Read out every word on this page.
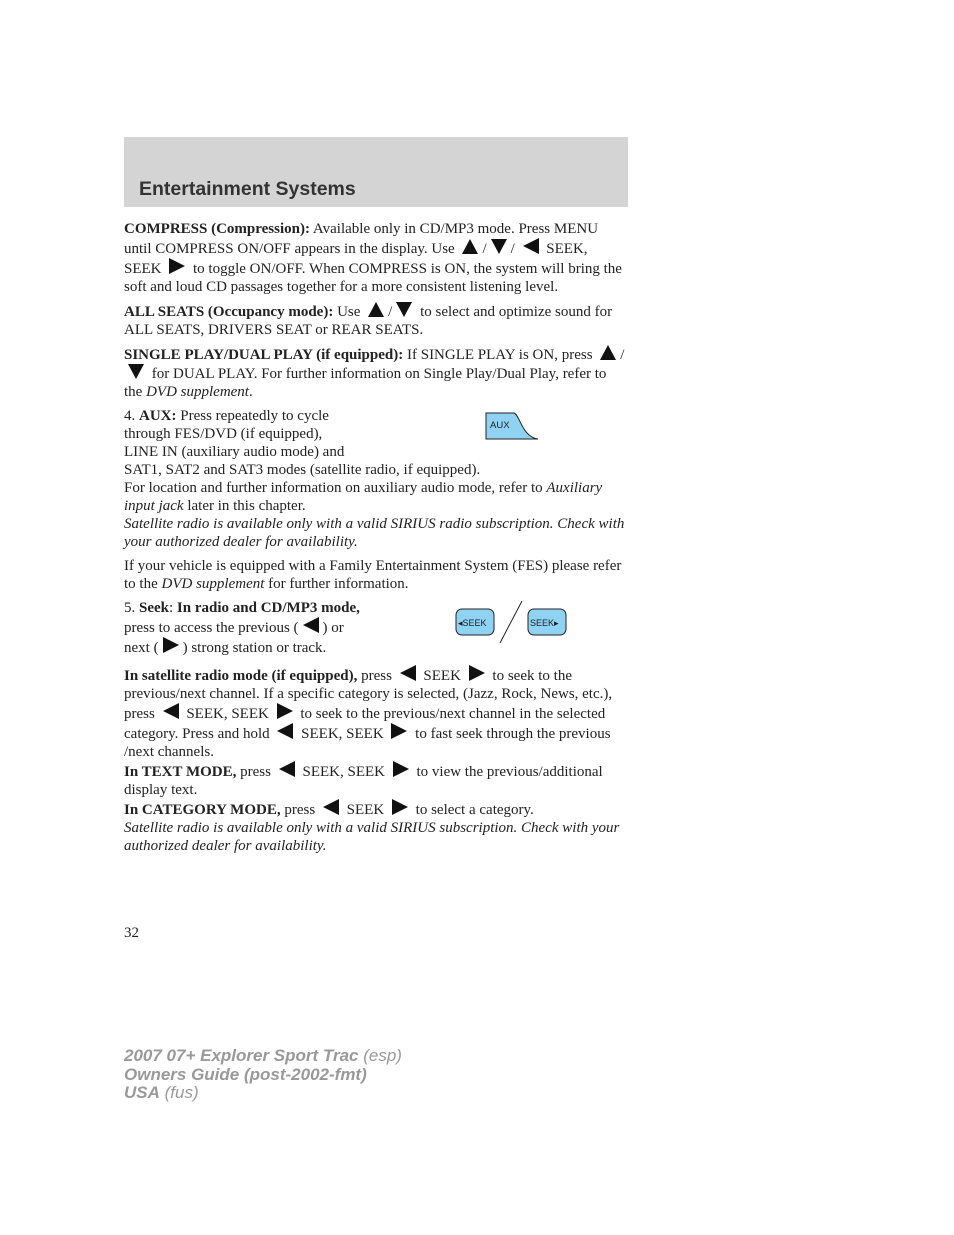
Entertainment Systems

COMPRESS (Compression): Available only in CD/MP3 mode. Press MENU until COMPRESS ON/OFF appears in the display. Use / / SEEK, SEEK to toggle ON/OFF. When COMPRESS is ON, the system will bring the soft and loud CD passages together for a more consistent listening level.

ALL SEATS (Occupancy mode): Use / to select and optimize sound for ALL SEATS, DRIVERS SEAT or REAR SEATS.

SINGLE PLAY/DUAL PLAY (if equipped): If SINGLE PLAY is ON, press / for DUAL PLAY. For further information on Single Play/Dual Play, refer to the DVD supplement.

AUX
4. AUX: Press repeatedly to cycle
through FES/DVD (if equipped),
LINE IN (auxiliary audio mode) and
SAT1, SAT2 and SAT3 modes (satellite radio, if equipped).
For location and further information on auxiliary audio mode, refer to Auxiliary input jack later in this chapter.

Satellite radio is available only with a valid SIRIUS radio subscription. Check with your authorized dealer for availability.

If your vehicle is equipped with a Family Entertainment System (FES) please refer to the DVD supplement for further information.

◂SEEK	SEEK▸
5. Seek: In radio and CD/MP3 mode,
press to access the previous ( ) or next ( ) strong station or track.

In satellite radio mode (if equipped), press SEEK to seek to the previous/next channel. If a specific category is selected, (Jazz, Rock, News, etc.), press SEEK, SEEK to seek to the previous/next channel in the selected category. Press and hold SEEK, SEEK to fast seek through the previous /next channels.

In TEXT MODE, press SEEK, SEEK to view the previous/additional display text.

In CATEGORY MODE, press SEEK to select a category.

Satellite radio is available only with a valid SIRIUS subscription. Check with your authorized dealer for availability.

32
2007 07+ Explorer Sport Trac (esp)
Owners Guide (post-2002-fmt)
USA (fus)
